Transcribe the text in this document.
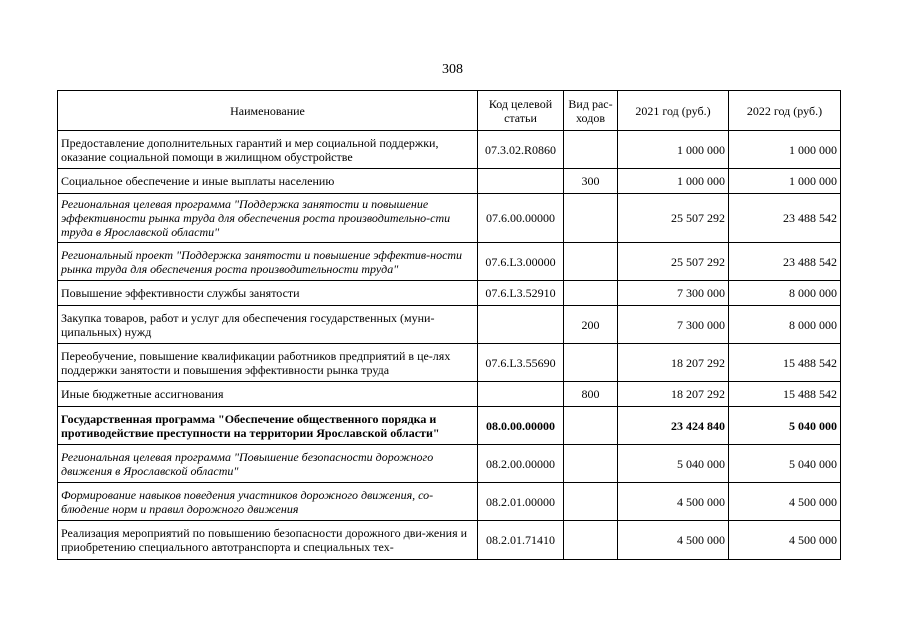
308
Наименование	Код целевой статьи	Вид рас-ходов	2021 год (руб.)	2022 год (руб.)
Предоставление дополнительных гарантий и мер социальной поддержки, оказание социальной помощи в жилищном обустройстве	07.3.02.R0860		1 000 000	1 000 000
Социальное обеспечение и иные выплаты населению		300	1 000 000	1 000 000
Региональная целевая программа "Поддержка занятости и повышение эффективности рынка труда для обеспечения роста производительно-сти труда в Ярославской области"	07.6.00.00000		25 507 292	23 488 542
Региональный проект "Поддержка занятости и повышение эффектив-ности рынка труда для обеспечения роста производительности труда"	07.6.L3.00000		25 507 292	23 488 542
Повышение эффективности службы занятости	07.6.L3.52910		7 300 000	8 000 000
Закупка товаров, работ и услуг для обеспечения государственных (муни-ципальных) нужд		200	7 300 000	8 000 000
Переобучение, повышение квалификации работников предприятий в це-лях поддержки занятости и повышения эффективности рынка труда	07.6.L3.55690		18 207 292	15 488 542
Иные бюджетные ассигнования		800	18 207 292	15 488 542
Государственная программа "Обеспечение общественного порядка и противодействие преступности на территории Ярославской области"	08.0.00.00000		23 424 840	5 040 000
Региональная целевая программа "Повышение безопасности дорожного движения в Ярославской области"	08.2.00.00000		5 040 000	5 040 000
Формирование навыков поведения участников дорожного движения, со-блюдение норм и правил дорожного движения	08.2.01.00000		4 500 000	4 500 000
Реализация мероприятий по повышению безопасности дорожного дви-жения и приобретению специального автотранспорта и специальных тех-	08.2.01.71410		4 500 000	4 500 000
